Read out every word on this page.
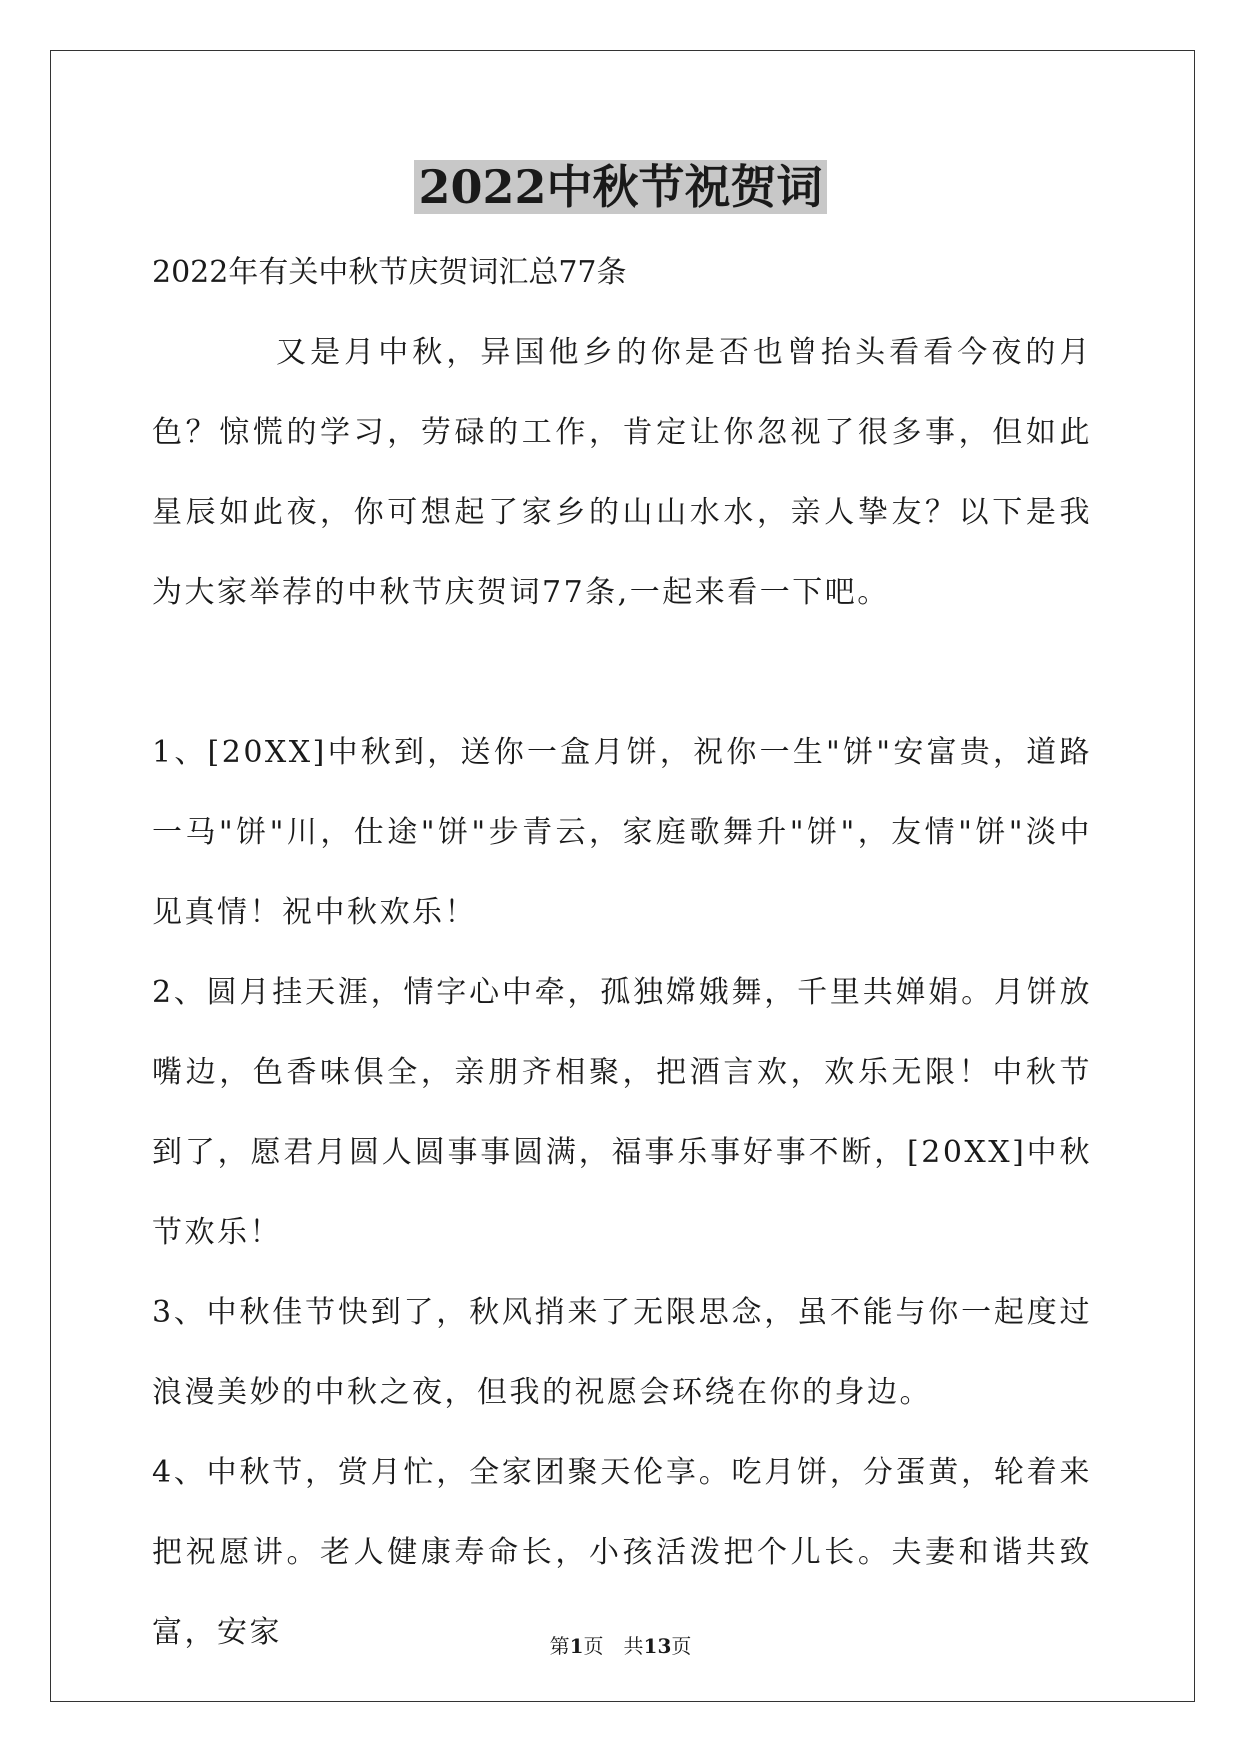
2022中秋节祝贺词

2022年有关中秋节庆贺词汇总77条

又是月中秋，异国他乡的你是否也曾抬头看看今夜的月色？惊慌的学习，劳碌的工作，肯定让你忽视了很多事，但如此星辰如此夜，你可想起了家乡的山山水水，亲人挚友？以下是我为大家举荐的中秋节庆贺词77条,一起来看一下吧。

1、[20XX]中秋到，送你一盒月饼，祝你一生"饼"安富贵，道路一马"饼"川，仕途"饼"步青云，家庭歌舞升"饼"，友情"饼"淡中见真情！祝中秋欢乐！

2、圆月挂天涯，情字心中牵，孤独嫦娥舞，千里共婵娟。月饼放嘴边，色香味俱全，亲朋齐相聚，把酒言欢，欢乐无限！中秋节到了，愿君月圆人圆事事圆满，福事乐事好事不断，[20XX]中秋节欢乐！

3、中秋佳节快到了，秋风捎来了无限思念，虽不能与你一起度过浪漫美妙的中秋之夜，但我的祝愿会环绕在你的身边。

4、中秋节，赏月忙，全家团聚天伦享。吃月饼，分蛋黄，轮着来把祝愿讲。老人健康寿命长，小孩活泼把个儿长。夫妻和谐共致富，安家	第1页　共13页
